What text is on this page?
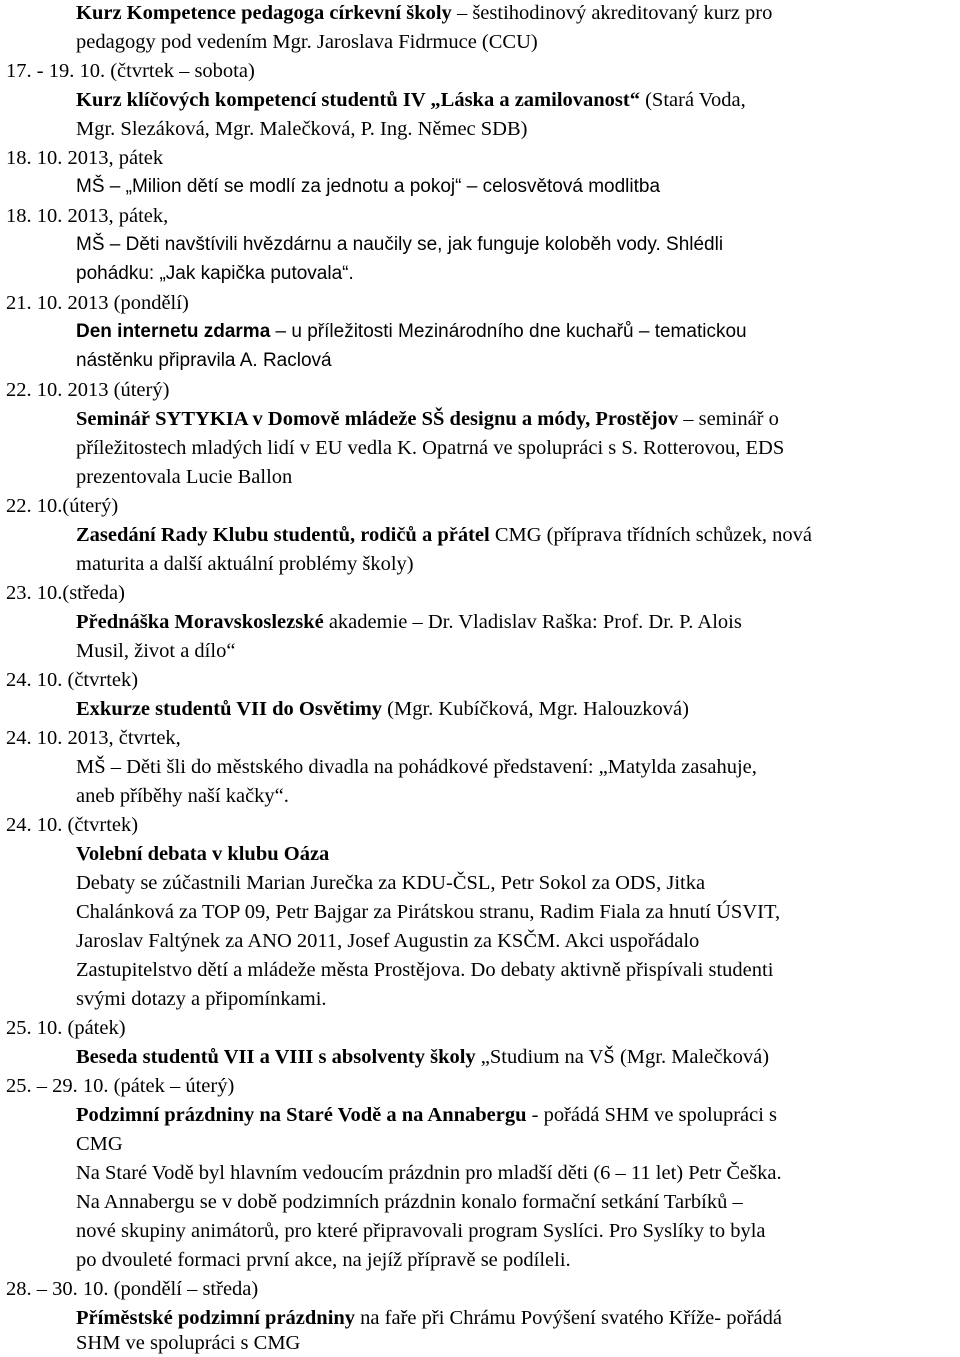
Kurz Kompetence pedagoga církevní školy – šestihodinový akreditovaný kurz pro
pedagogy pod vedením Mgr. Jaroslava Fidrmuce (CCU)
17. - 19. 10. (čtvrtek – sobota)
Kurz klíčových kompetencí studentů IV „Láska a zamilovanost“ (Stará Voda,
Mgr. Slezáková, Mgr. Malečková, P. Ing. Němec SDB)
18. 10. 2013, pátek
MŠ – „Milion dětí se modlí za jednotu a pokoj“ – celosvětová modlitba
18. 10. 2013, pátek,
MŠ – Děti navštívili hvězdárnu a naučily se, jak funguje koloběh vody. Shlédli
pohádku: „Jak kapička putovala“.
21. 10. 2013 (pondělí)
Den internetu zdarma – u příležitosti Mezinárodního dne kuchařů – tematickou
nástěnku připravila A. Raclová
22. 10. 2013 (úterý)
Seminář SYTYKIA v Domově mládeže SŠ designu a módy, Prostějov – seminář o
příležitostech mladých lidí v EU vedla K. Opatrná ve spolupráci s S. Rotterovou, EDS
prezentovala Lucie Ballon
22. 10.(úterý)
Zasedání Rady Klubu studentů, rodičů a přátel CMG (příprava třídních schůzek, nová
maturita a další aktuální problémy školy)
23. 10.(středa)
Přednáška Moravskoslezské akademie – Dr. Vladislav Raška: Prof. Dr. P. Alois
Musil, život a dílo“
24. 10. (čtvrtek)
Exkurze studentů VII do Osvětimy (Mgr. Kubíčková, Mgr. Halouzková)
24. 10. 2013, čtvrtek,
MŠ – Děti šli do městského divadla na pohádkové představení: „Matylda zasahuje,
aneb příběhy naší kačky“.
24. 10. (čtvrtek)
Volební debata v klubu Oáza
Debaty se zúčastnili Marian Jurečka za KDU-ČSL, Petr Sokol za ODS, Jitka
Chalánková za TOP 09, Petr Bajgar za Pirátskou stranu, Radim Fiala za hnutí ÚSVIT,
Jaroslav Faltýnek za ANO 2011, Josef Augustin za KSČM. Akci uspořádalo
Zastupitelstvo dětí a mládeže města Prostějova. Do debaty aktivně přispívali studenti
svými dotazy a připomínkami.
25. 10. (pátek)
Beseda studentů VII a VIII s absolventy školy „Studium na VŠ (Mgr. Malečková)
25. – 29. 10. (pátek – úterý)
Podzimní prázdniny na Staré Vodě a na Annabergu - pořádá SHM ve spolupráci s
CMG
Na Staré Vodě byl hlavním vedoucím prázdnin pro mladší děti (6 – 11 let) Petr Češka.
Na Annabergu se v době podzimních prázdnin konalo formační setkání Tarbíků –
nové skupiny animátorů, pro které připravovali program Syslíci. Pro Syslíky to byla
po dvouleté formaci první akce, na jejíž přípravě se podíleli.
28. – 30. 10. (pondělí – středa)
Příměstské podzimní prázdniny na faře při Chrámu Povýšení svatého Kříže- pořádá
SHM ve spolupráci s CMG
